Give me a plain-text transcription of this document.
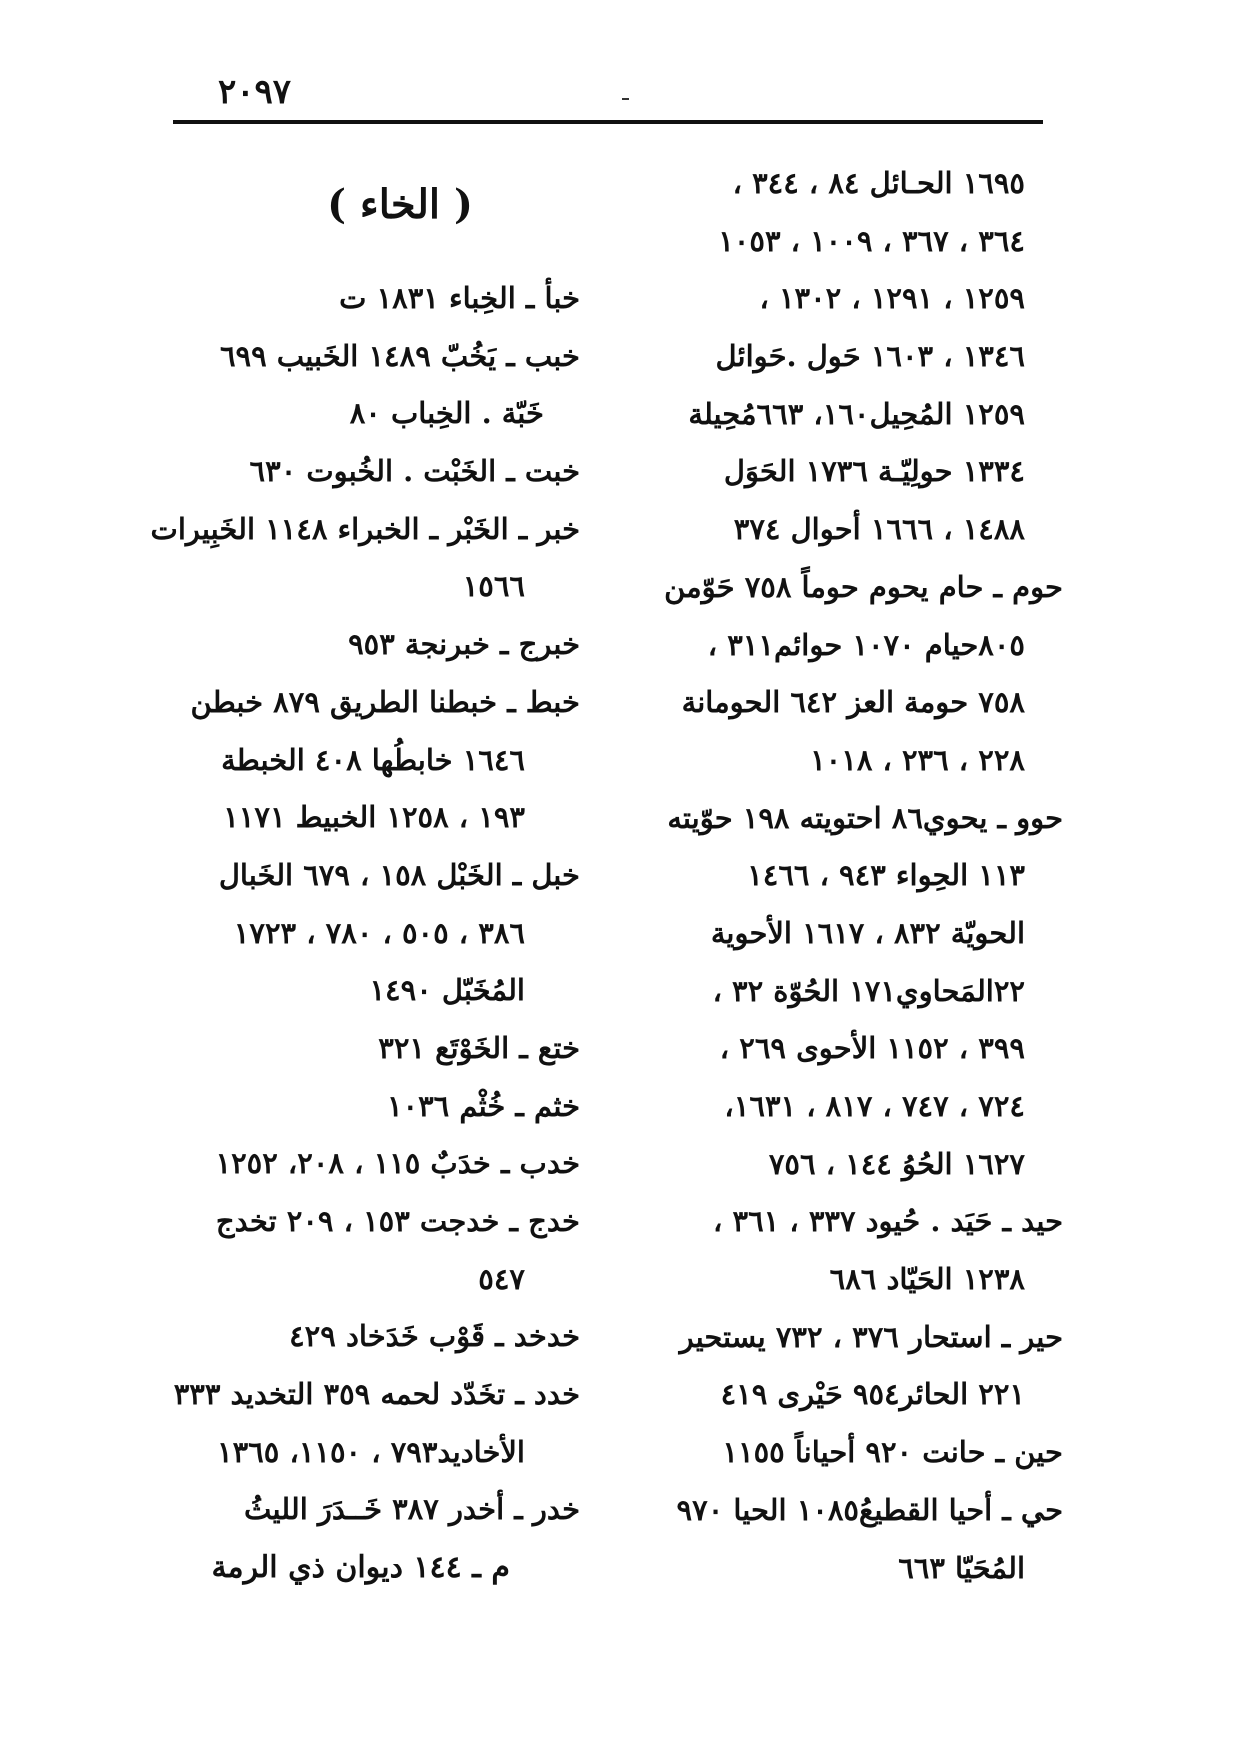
٢٠٩٧
١٦٩٥ الحـائل ٨٤ ، ٣٤٤ ،
٣٦٤ ، ٣٦٧ ، ١٠٠٩ ، ١٠٥٣
١٢٥٩ ، ١٢٩١ ، ١٣٠٢ ،
١٣٤٦ ، ١٦٠٣ حَول .حَوائل
١٢٥٩ المُحِيل١٦٠، ٦٦٣مُحِيلة
١٣٣٤ حولِيّـة ١٧٣٦ الحَوَل
١٤٨٨ ، ١٦٦٦ أحوال ٣٧٤
حوم ـ حام يحوم حوماً ٧٥٨ حَوّمن
٨٠٥حيام ١٠٧٠ حوائم٣١١ ،
٧٥٨ حومة العز ٦٤٢ الحومانة
٢٢٨ ، ٢٣٦ ، ١٠١٨
حوو ـ يحوي٨٦ احتويته ١٩٨ حوّيته
١١٣ الحِواء ٩٤٣ ، ١٤٦٦
الحويّة ٨٣٢ ، ١٦١٧ الأحوية
٢٢المَحاوي١٧١ الحُوّة ٣٢ ،
٣٩٩ ، ١١٥٢ الأحوى ٢٦٩ ،
٧٢٤ ، ٧٤٧ ، ٨١٧ ، ١٦٣١،
١٦٢٧ الحُوُ ١٤٤ ، ٧٥٦
حيد ـ حَيَد . حُيود ٣٣٧ ، ٣٦١ ،
١٢٣٨ الحَيّاد ٦٨٦
حير ـ استحار ٣٧٦ ، ٧٣٢ يستحير
٢٢١ الحائر٩٥٤ حَيْرى ٤١٩
حين ـ حانت ٩٢٠ أحياناً ١١٥٥
حي ـ أحيا القطيعُ١٠٨٥ الحيا ٩٧٠
المُحَيّا ٦٦٣
( الخاء )
خبأ ـ الخِباء ١٨٣١ ت
خبب ـ يَخُبّ ١٤٨٩ الخَبيب ٦٩٩
خَبّة . الخِباب ٨٠
خبت ـ الخَبْت . الخُبوت ٦٣٠
خبر ـ الخَبْر ـ الخبراء ١١٤٨ الخَبِيرات
١٥٦٦
خبرج ـ خبرنجة ٩٥٣
خبط ـ خبطنا الطريق ٨٧٩ خبطن
١٦٤٦ خابطُها ٤٠٨ الخبطة
١٩٣ ، ١٢٥٨ الخبيط ١١٧١
خبل ـ الخَبْل ١٥٨ ، ٦٧٩ الخَبال
٣٨٦ ، ٥٠٥ ، ٧٨٠ ، ١٧٢٣
المُخَبّل ١٤٩٠
ختع ـ الخَوْتَع ٣٢١
خثم ـ خُثْم ١٠٣٦
خدب ـ خدَبٌ ١١٥ ، ٢٠٨، ١٢٥٢
خدج ـ خدجت ١٥٣ ، ٢٠٩ تخدج
٥٤٧
خدخد ـ قَوْب خَدَخاد ٤٢٩
خدد ـ تخَدّد لحمه ٣٥٩ التخديد ٣٣٣
الأخاديد٧٩٣ ، ١١٥٠، ١٣٦٥
خدر ـ أخدر ٣٨٧ خَــدَرَ الليثُ
م ـ ١٤٤ ديوان ذي الرمة
